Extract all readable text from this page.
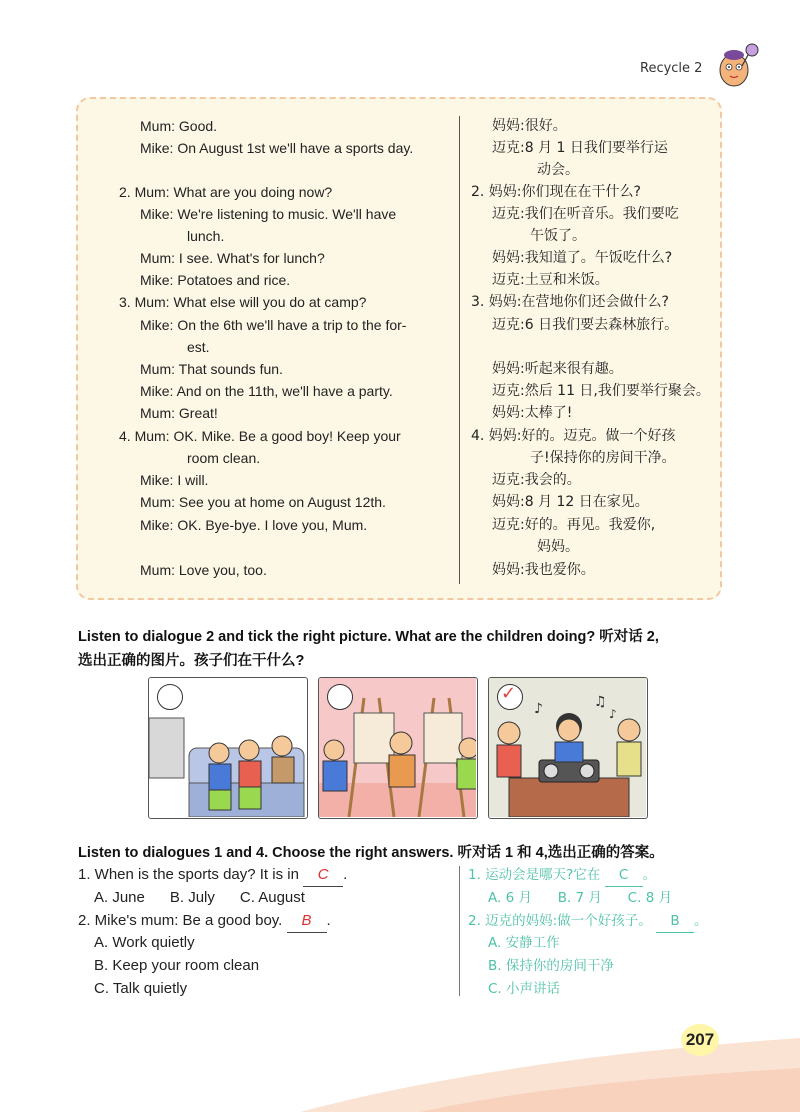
Recycle 2
Mum: Good.	妈妈:很好。
Mike: On August 1st we'll have a sports day.	迈克:8 月 1 日我们要举行运
动会。
2. Mum: What are you doing now?	2. 妈妈:你们现在在干什么?
Mike: We're listening to music. We'll have	迈克:我们在听音乐。我们要吃
lunch.	午饭了。
Mum: I see. What's for lunch?	妈妈:我知道了。午饭吃什么?
Mike: Potatoes and rice.	迈克:土豆和米饭。
3. Mum: What else will you do at camp?	3. 妈妈:在营地你们还会做什么?
Mike: On the 6th we'll have a trip to the for-	迈克:6 日我们要去森林旅行。
est.
Mum: That sounds fun.	妈妈:听起来很有趣。
Mike: And on the 11th, we'll have a party.	迈克:然后 11 日,我们要举行聚会。
Mum: Great!	妈妈:太棒了!
4. Mum: OK. Mike. Be a good boy! Keep your	4. 妈妈:好的。迈克。做一个好孩
room clean.	子!保持你的房间干净。
Mike: I will.	迈克:我会的。
Mum: See you at home on August 12th.	妈妈:8 月 12 日在家见。
Mike: OK. Bye-bye. I love you, Mum.	迈克:好的。再见。我爱你,
妈妈。
Mum: Love you, too.	妈妈:我也爱你。
Listen to dialogue 2 and tick the right picture. What are the children doing? 听对话 2,
选出正确的图片。孩子们在干什么?
♪	♫
♪
✓
Listen to dialogues 1 and 4. Choose the right answers. 听对话 1 和 4,选出正确的答案。
1. When is the sports day? It is in C .
A. June      B. July      C. August
2. Mike's mum: Be a good boy. B .
A. Work quietly
B. Keep your room clean
C. Talk quietly
1. 运动会是哪天?它在 C 。
A. 6 月      B. 7 月      C. 8 月
2. 迈克的妈妈:做一个好孩子。 B 。
A. 安静工作
B. 保持你的房间干净
C. 小声讲话
207
